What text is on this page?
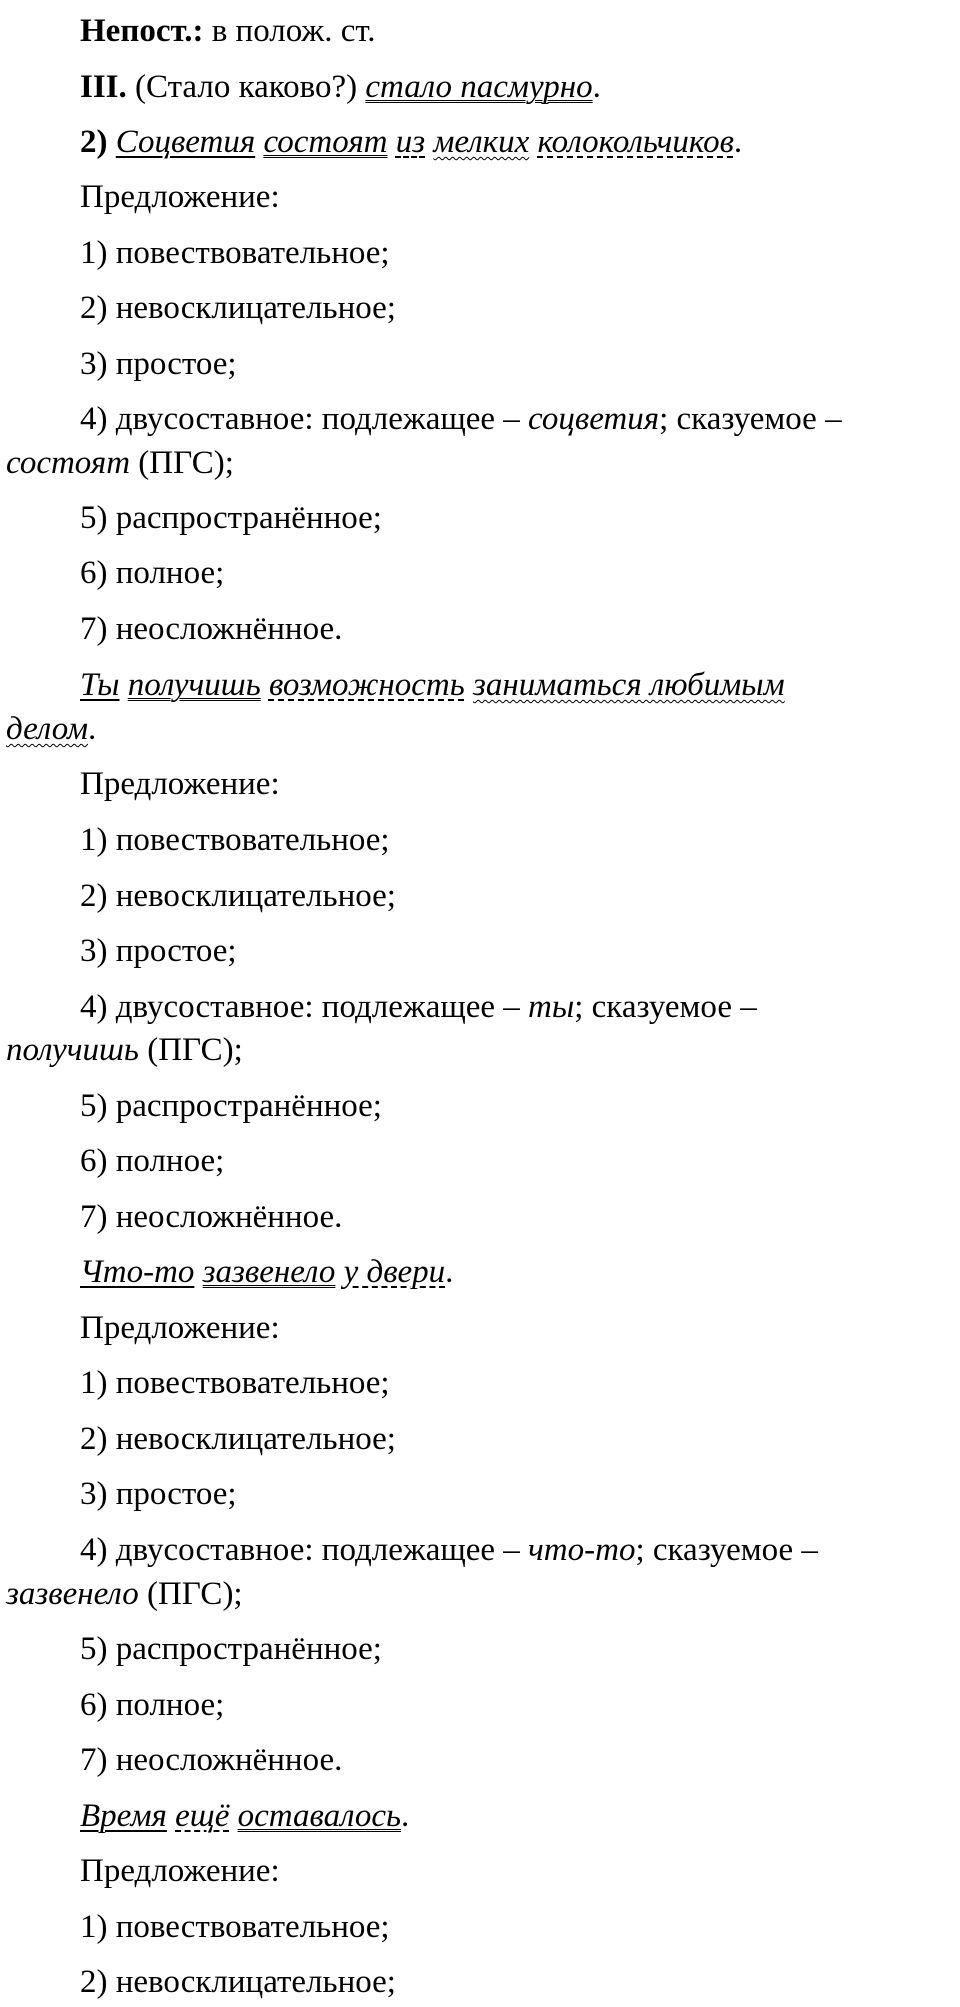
Непост.: в полож. ст.
III. (Стало каково?) стало пасмурно.
2) Соцветия состоят из мелких колокольчиков.
Предложение:
1) повествовательное;
2) невосклицательное;
3) простое;
4) двусоставное: подлежащее – соцветия; сказуемое –
состоят (ПГС);
5) распространённое;
6) полное;
7) неосложнённое.
Ты получишь возможность заниматься любимым
делом.
Предложение:
1) повествовательное;
2) невосклицательное;
3) простое;
4) двусоставное: подлежащее – ты; сказуемое –
получишь (ПГС);
5) распространённое;
6) полное;
7) неосложнённое.
Что-то зазвенело у двери.
Предложение:
1) повествовательное;
2) невосклицательное;
3) простое;
4) двусоставное: подлежащее – что-то; сказуемое –
зазвенело (ПГС);
5) распространённое;
6) полное;
7) неосложнённое.
Время ещё оставалось.
Предложение:
1) повествовательное;
2) невосклицательное;
